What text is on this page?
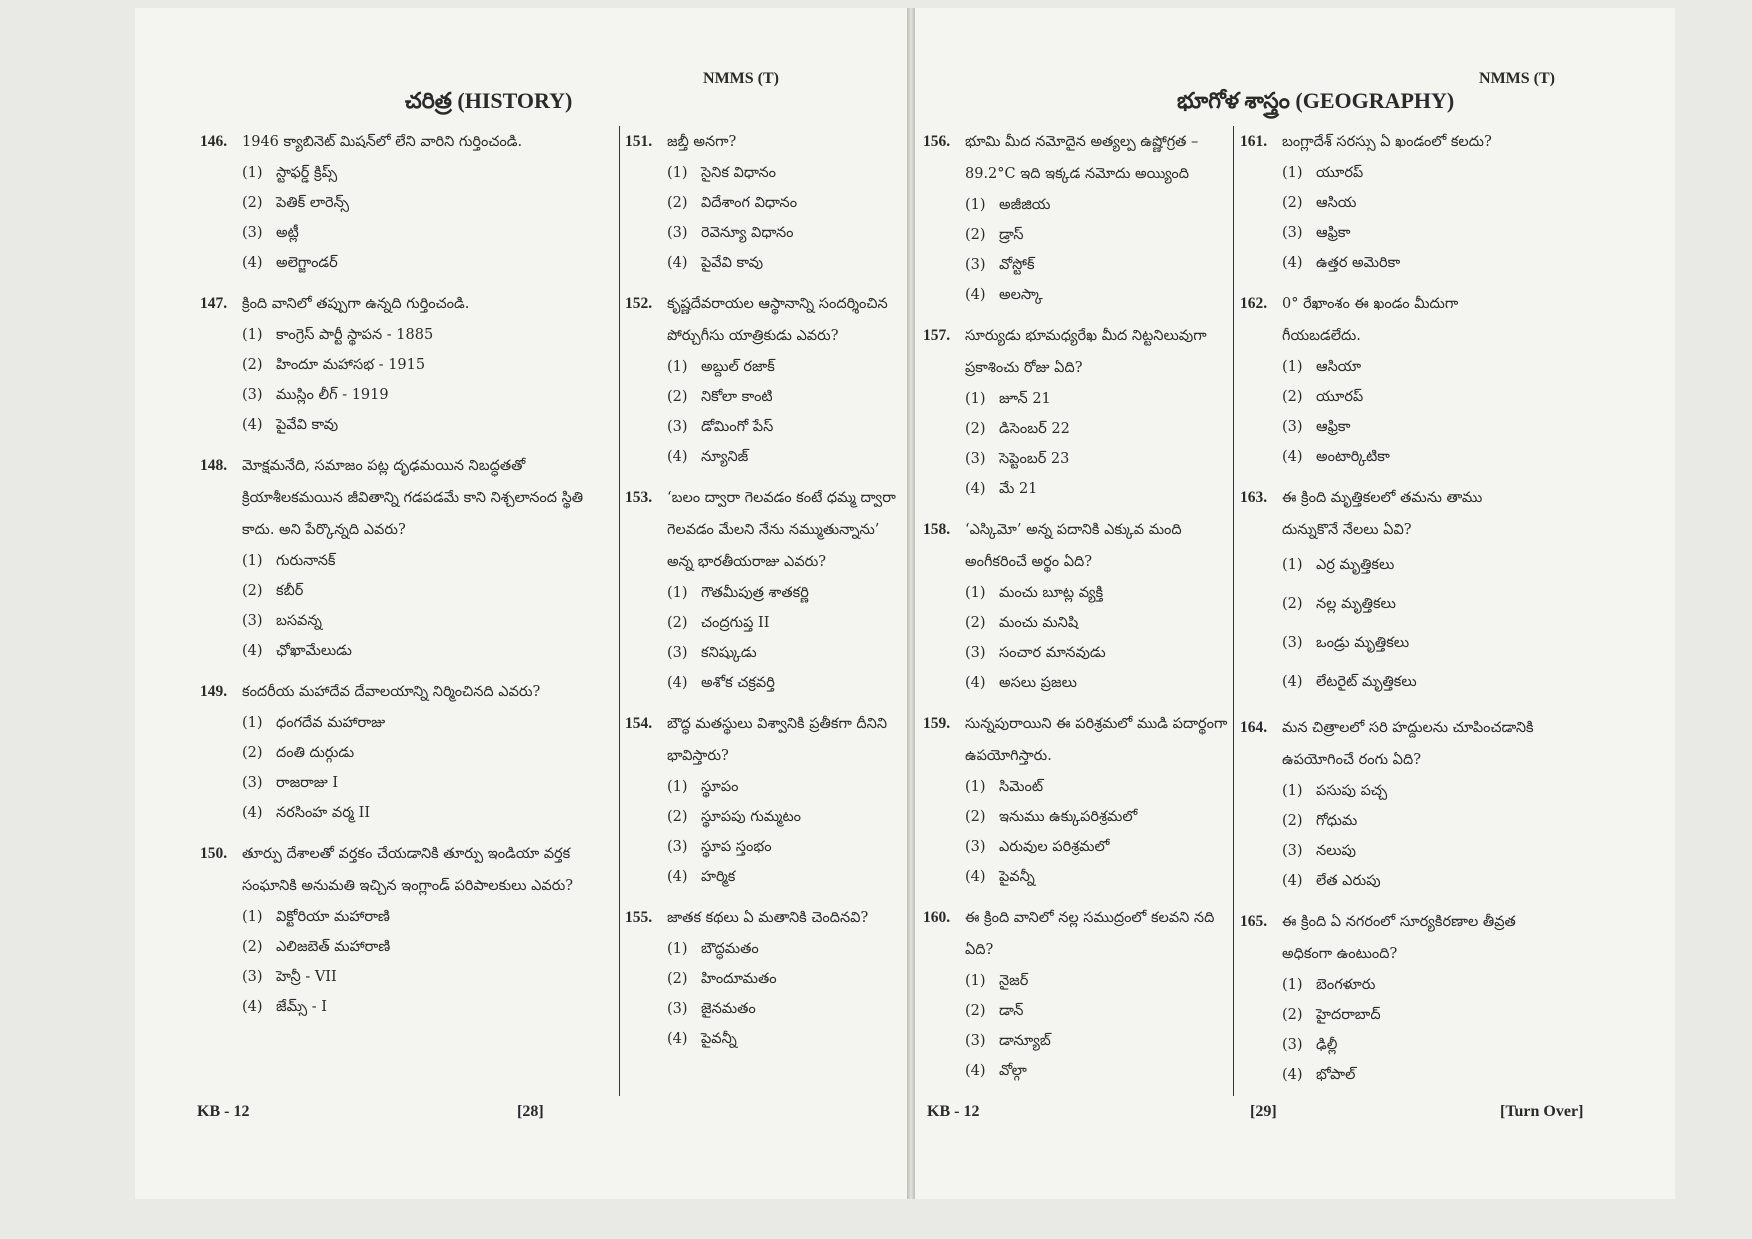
NMMS (T)
చరిత్ర (HISTORY)
146. 1946 క్యాబినెట్ మిషన్‌లో లేని వారిని గుర్తించండి.
(1) స్టాఫర్డ్ క్రిప్స్
(2) పెతిక్ లారెన్స్
(3) అట్లీ
(4) అలెగ్జాండర్
147. క్రింది వానిలో తప్పుగా ఉన్నది గుర్తించండి.
(1) కాంగ్రెస్ పార్టీ స్థాపన - 1885
(2) హిందూ మహాసభ - 1915
(3) ముస్లిం లీగ్ - 1919
(4) పైవేవి కావు
148. మోక్షమనేది, సమాజం పట్ల దృఢమయిన నిబద్ధతతో క్రియాశీలకమయిన జీవితాన్ని గడపడమే కాని నిశ్చలానంద స్థితి కాదు. అని పేర్కొన్నది ఎవరు?
(1) గురునానక్
(2) కబీర్
(3) బసవన్న
(4) ఛోఖామేలుడు
149. కందరీయ మహాదేవ దేవాలయాన్ని నిర్మించినది ఎవరు?
(1) ధంగదేవ మహారాజు
(2) దంతి దుర్గుడు
(3) రాజరాజు I
(4) నరసింహ వర్మ II
150. తూర్పు దేశాలతో వర్తకం చేయడానికి తూర్పు ఇండియా వర్తక సంఘానికి అనుమతి ఇచ్చిన ఇంగ్లాండ్ పరిపాలకులు ఎవరు?
(1) విక్టోరియా మహారాణి
(2) ఎలిజబెత్ మహారాణి
(3) హెన్రీ - VII
(4) జేమ్స్ - I
151. జబ్తీ అనగా?
(1) సైనిక విధానం
(2) విదేశాంగ విధానం
(3) రెవెన్యూ విధానం
(4) పైవేవి కావు
152. కృష్ణదేవరాయల ఆస్థానాన్ని సందర్శించిన పోర్చుగీసు యాత్రికుడు ఎవరు?
(1) అబ్దుల్ రజాక్
(2) నికోలా కాంటి
(3) డోమింగో పేస్
(4) న్యూనిజ్
153. ‘బలం ద్వారా గెలవడం కంటే ధమ్మ ద్వారా గెలవడం మేలని నేను నమ్ముతున్నాను’ అన్న భారతీయరాజు ఎవరు?
(1) గౌతమీపుత్ర శాతకర్ణి
(2) చంద్రగుప్త II
(3) కనిష్కుడు
(4) అశోక చక్రవర్తి
154. బౌద్ధ మతస్థులు విశ్వానికి ప్రతీకగా దీనిని భావిస్తారు?
(1) స్థూపం
(2) స్థూపపు గుమ్మటం
(3) స్థూప స్తంభం
(4) హర్మిక
155. జాతక కథలు ఏ మతానికి చెందినవి?
(1) బౌద్ధమతం
(2) హిందూమతం
(3) జైనమతం
(4) పైవన్నీ
KB - 12	[28]
NMMS (T)
భూగోళ శాస్త్రం (GEOGRAPHY)
156. భూమి మీద నమోదైన అత్యల్ప ఉష్ణోగ్రత –89.2°C ఇది ఇక్కడ నమోదు అయ్యింది
(1) అజీజియ
(2) డ్రాస్
(3) వోస్టోక్
(4) అలస్కా
157. సూర్యుడు భూమధ్యరేఖ మీద నిట్టనిలువుగా ప్రకాశించు రోజు ఏది?
(1) జూన్ 21
(2) డిసెంబర్ 22
(3) సెప్టెంబర్ 23
(4) మే 21
158. ‘ఎస్కిమో’ అన్న పదానికి ఎక్కువ మంది అంగీకరించే అర్థం ఏది?
(1) మంచు బూట్ల వ్యక్తి
(2) మంచు మనిషి
(3) సంచార మానవుడు
(4) అసలు ప్రజలు
159. సున్నపురాయిని ఈ పరిశ్రమలో ముడి పదార్థంగా ఉపయోగిస్తారు.
(1) సిమెంట్
(2) ఇనుము ఉక్కుపరిశ్రమలో
(3) ఎరువుల పరిశ్రమలో
(4) పైవన్నీ
160. ఈ క్రింది వానిలో నల్ల సముద్రంలో కలవని నది ఏది?
(1) నైజర్
(2) డాన్
(3) డాన్యూబ్
(4) వోల్గా
161. బంగ్లాదేశ్ సరస్సు ఏ ఖండంలో కలదు?
(1) యూరప్
(2) ఆసియ
(3) ఆఫ్రికా
(4) ఉత్తర అమెరికా
162. 0° రేఖాంశం ఈ ఖండం మీదుగా గీయబడలేదు.
(1) ఆసియా
(2) యూరప్
(3) ఆఫ్రికా
(4) అంటార్కిటికా
163. ఈ క్రింది మృత్తికలలో తమను తాము దున్నుకొనే నేలలు ఏవి?
(1) ఎర్ర మృత్తికలు
(2) నల్ల మృత్తికలు
(3) ఒండ్రు మృత్తికలు
(4) లేటరైట్ మృత్తికలు
164. మన చిత్రాలలో సరి హద్దులను చూపించడానికి ఉపయోగించే రంగు ఏది?
(1) పసుపు పచ్చ
(2) గోధుమ
(3) నలుపు
(4) లేత ఎరుపు
165. ఈ క్రింది ఏ నగరంలో సూర్యకిరణాల తీవ్రత అధికంగా ఉంటుంది?
(1) బెంగళూరు
(2) హైదరాబాద్
(3) ఢిల్లీ
(4) భోపాల్
KB - 12	[29]	[Turn Over]
